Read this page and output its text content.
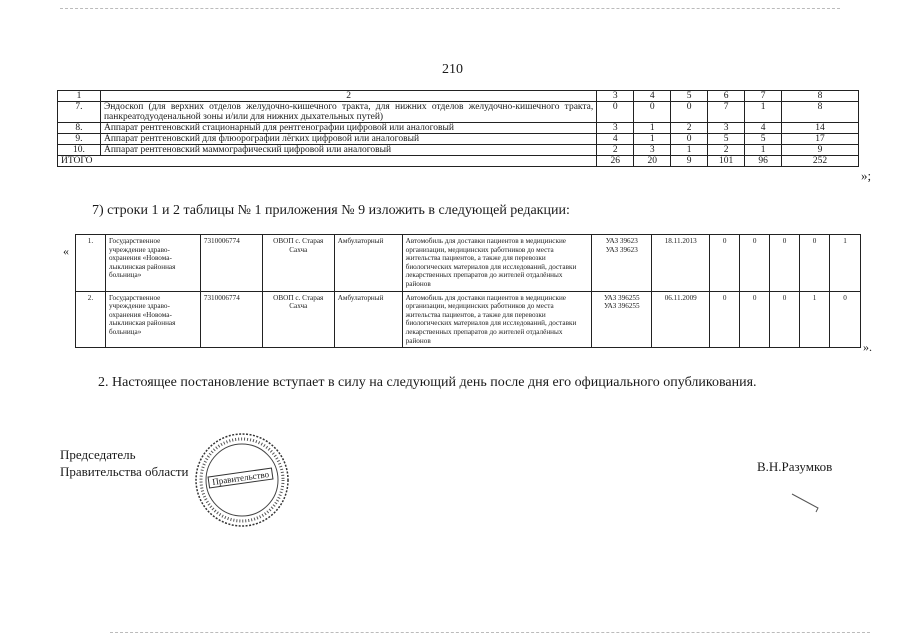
210
1	2	3	4	5	6	7	8
7.	Эндоскоп (для верхних отделов желудочно-кишечного тракта, для нижних отделов желудочно-кишечного тракта, панкреатодуоденальной зоны и/или для нижних дыхательных путей)	0	0	0	7	1	8
8.	Аппарат рентгеновский стационарный для рентгенографии цифровой или аналоговый	3	1	2	3	4	14
9.	Аппарат рентгеновский для флюорографии лёгких цифровой или аналоговый	4	1	0	5	5	17
10.	Аппарат рентгеновский маммографический цифровой или аналоговый	2	3	1	2	1	9
ИТОГО		26	20	9	101	96	252
»;
7) строки 1 и 2 таблицы № 1 приложения № 9 изложить в следующей редакции:
«
1.	Государственное учреждение здравоохранения «Новомалыклинская районная больница»	7310006774	ОВОП с. Старая Сахча	Амбулаторный	Автомобиль для доставки пациентов в медицинские организации, медицинских работников до места жительства пациентов, а также для перевозки биологических материалов для исследований, доставки лекарственных препаратов до жителей отдалённых районов	УАЗ 39623
УАЗ 39623	18.11.2013	0	0	0	0	1
2.	Государственное учреждение здравоохранения «Новомалыклинская районная больница»	7310006774	ОВОП с. Старая Сахча	Амбулаторный	Автомобиль для доставки пациентов в медицинские организации, медицинских работников до места жительства пациентов, а также для перевозки биологических материалов для исследований, доставки лекарственных препаратов до жителей отдалённых районов	УАЗ 396255
УАЗ 396255	06.11.2009	0	0	0	1	0
».
2. Настоящее постановление вступает в силу на следующий день после дня его официального опубликования.
Председатель
Правительства области	Правительство
В.Н.Разумков
